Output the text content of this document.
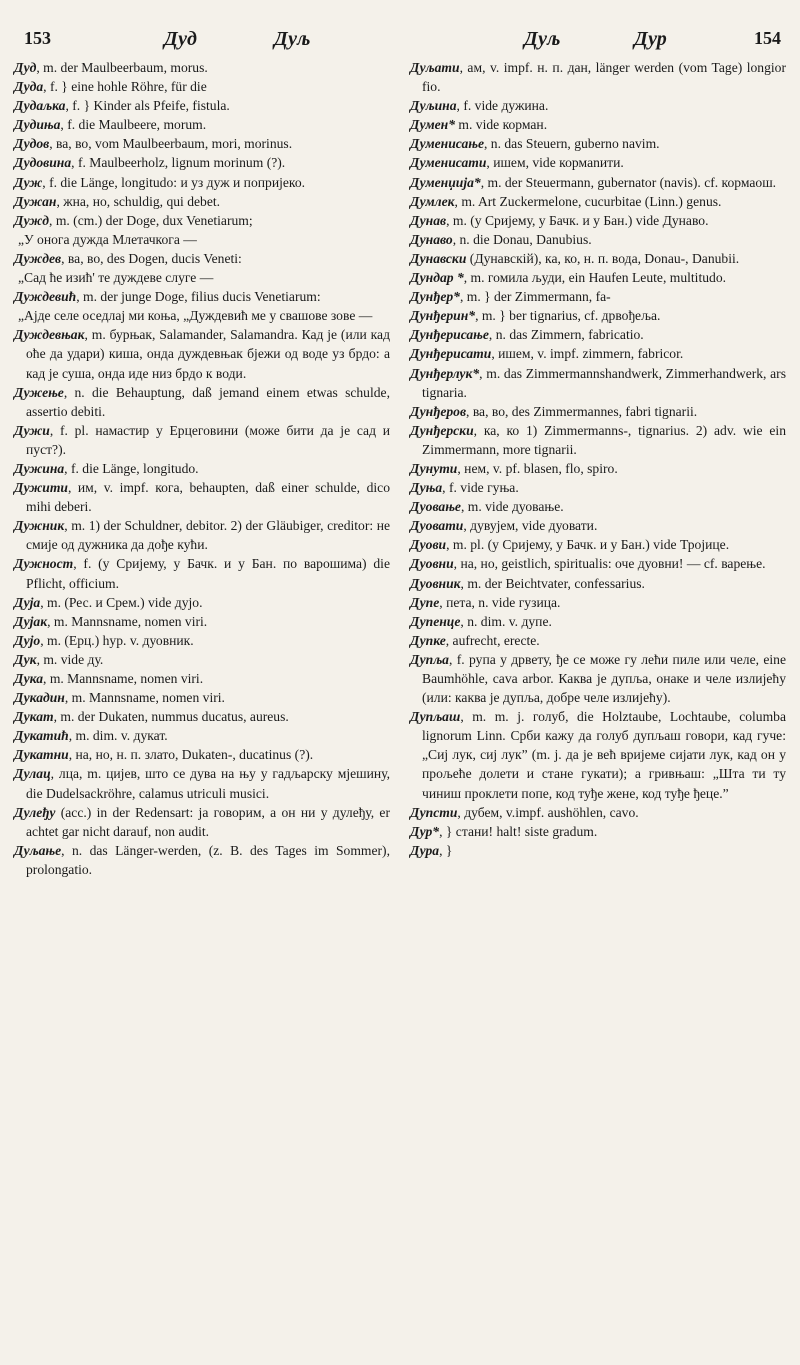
153	Дуд	Дуљ	Дуљ	Дур	154

Дуд, m. der Maulbeerbaum, morus.

Дуда, f. } eine hohle Röhre, für die

Дудаљка, f. } Kinder als Pfeife, fistula.

Дудиња, f. die Maulbeere, morum.

Дудов, ва, во, vom Maulbeerbaum, mori, morinus.

Дудовина, f. Maulbeerholz, lignum morinum (?).

Дуж, f. die Länge, longitudo: и уз дуж и попријеко.

Дужан, жна, но, schuldig, qui debet.

Дужд, m. (cm.) der Doge, dux Venetiarum;

„У онога дужда Млетачкога —

Дуждев, ва, во, des Dogen, ducis Veneti:

„Сад ће изић' те дуждеве слуге —

Дуждевић, m. der junge Doge, filius ducis Venetiarum:

„Ајде селе оседлај ми коња, „Дуждевић ме у свашове зове —

Дуждевњак, m. бурњак, Salamander, Salamandra. Кад је (или кад оће да удари) киша, онда дуждевњак бјежи од воде уз брдо: а кад је суша, онда иде низ брдо к води.

Дужење, n. die Behauptung, daß jemand einem etwas schulde, assertio debiti.

Дужи, f. pl. намастир у Ерцеговини (може бити да је сад и пуст?).

Дужина, f. die Länge, longitudo.

Дужити, им, v. impf. кога, behaupten, daß einer schulde, dico mihi deberi.

Дужник, m. 1) der Schuldner, debitor. 2) der Gläubiger, creditor: не смије од дужника да дође кући.

Дужност, f. (у Сријему, у Бачк. и у Бан. по варошима) die Pflicht, officium.

Дуја, m. (Рес. и Срем.) vide дујо.

Дујак, m. Mannsname, nomen viri.

Дујо, m. (Ерц.) hyp. v. дуовник.

Дук, m. vide ду.

Дука, m. Mannsname, nomen viri.

Дукадин, m. Mannsname, nomen viri.

Дукат, m. der Dukaten, nummus ducatus, aureus.

Дукатић, m. dim. v. дукат.

Дукатни, на, но, н. п. злато, Dukaten-, ducatinus (?).

Дулац, лца, m. цијев, што се дува на њу у гадљарску мјешину, die Dudelsackröhre, calamus utriculi musici.

Дулеђу (acc.) in der Redensart: ја говорим, а он ни у дулеђу, er achtet gar nicht darauf, non audit.

Дуљање, n. das Länger-werden, (z. B. des Tages im Sommer), prolongatio.

Дуљати, ам, v. impf. н. п. дан, länger werden (vom Tage) longior fio.

Дуљина, f. vide дужина.

Думен* m. vide корман.

Думенисање, n. das Steuern, guberno navim.

Думенисати, ишем, vide кормanити.

Думенџија*, m. der Steuermann, gubernator (navis). cf. кормаош.

Думлек, m. Art Zuckermelone, cucurbitae (Linn.) genus.

Дунав, m. (у Сријему, у Бачк. и у Бан.) vide Дунаво.

Дунаво, n. die Donau, Danubius.

Дунавски (Дунавскій), ка, ко, н. п. вода, Donau-, Danubii.

Дундар *, m. гомила људи, ein Haufen Leute, multitudo.

Дунђер*, m. } der Zimmermann, fa-

Дунђерин*, m. } ber tignarius, cf. дрвођеља.

Дунђерисање, n. das Zimmern, fabricatio.

Дунђерисати, ишем, v. impf. zimmern, fabricor.

Дунђерлук*, m. das Zimmermannshandwerk, Zimmerhandwerk, ars tignaria.

Дунђеров, ва, во, des Zimmermannes, fabri tignarii.

Дунђерски, ка, ко 1) Zimmermanns-, tignarius. 2) adv. wie ein Zimmermann, more tignarii.

Дунути, нем, v. pf. blasen, flo, spiro.

Дуња, f. vide гуња.

Дуовање, m. vide дуовање.

Дуовати, дувујем, vide дуовати.

Дуови, m. pl. (у Сријему, у Бачк. и у Бан.) vide Тројице.

Дуовни, на, но, geistlich, spiritualis: оче дуовни! — cf. варење.

Дуовник, m. der Beichtvater, confessarius.

Дупе, пета, n. vide гузица.

Дупенце, n. dim. v. дупе.

Дупке, aufrecht, erecte.

Дупља, f. рупа у дрвету, ђе се може гу лећи пиле или челе, eine Baumhöhle, cava arbor. Каква је дупља, онаке и челе излијећу (или: каква је дупља, добре челе излијећу).

Дупљаш, m. m. j. голуб, die Holztaube, Lochtaube, columba lignorum Linn. Срби кажу да голуб дупљаш говори, кад гуче: „Сиј лук, сиј лук” (m. j. да је већ вријеме сијати лук, кад он у прољеће долети и стане гукати); а гривњаш: „Шта ти ту чиниш проклети попе, код туђе жене, код туђе ђеце.”

Дупсти, дубем, v.impf. aushöhlen, cavo.

Дур*, } стани! halt! siste gradum.

Дура, }
